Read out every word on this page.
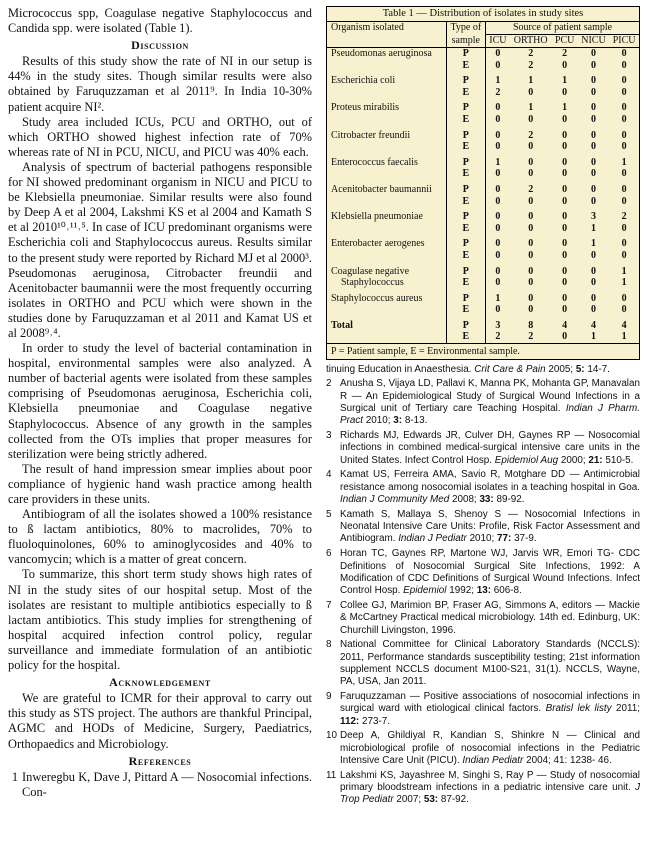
Micrococcus spp, Coagulase negative Staphylococcus and Candida spp. were isolated (Table 1).

Discussion

Results of this study show the rate of NI in our setup is 44% in the study sites. Though similar results were also obtained by Faruquzzaman et al 2011⁹. In India 10-30% patient acquire NI².

Study area included ICUs, PCU and ORTHO, out of which ORTHO showed highest infection rate of 70% whereas rate of NI in PCU, NICU, and PICU was 40% each.

Analysis of spectrum of bacterial pathogens responsible for NI showed predominant organism in NICU and PICU to be Klebsiella pneumoniae. Similar results were also found by Deep A et al 2004, Lakshmi KS et al 2004 and Kamath S et al 2010¹⁰˒¹¹˒⁵. In case of ICU predominant organisms were Escherichia coli and Staphylococcus aureus. Results similar to the present study were reported by Richard MJ et al 2000³. Pseudomonas aeruginosa, Citrobacter freundii and Acenitobacter baumannii were the most frequently occurring isolates in ORTHO and PCU which were shown in the studies done by Faruquzzaman et al 2011 and Kamat US et al 2008⁹˒⁴.

In order to study the level of bacterial contamination in hospital, environmental samples were also analyzed. A number of bacterial agents were isolated from these samples comprising of Pseudomonas aeruginosa, Escherichia coli, Klebsiella pneumoniae and Coagulase negative Staphylococcus. Absence of any growth in the samples collected from the OTs implies that proper measures for sterilization were being strictly adhered.

The result of hand impression smear implies about poor compliance of hygienic hand wash practice among health care providers in these units.

Antibiogram of all the isolates showed a 100% resistance to ß lactam antibiotics, 80% to macrolides, 70% to fluoloquinolones, 60% to aminoglycosides and 40% to vancomycin; which is a matter of great concern.

To summarize, this short term study shows high rates of NI in the study sites of our hospital setup. Most of the isolates are resistant to multiple antibiotics especially to ß lactam antibiotics. This study implies for strengthening of hospital acquired infection control policy, regular surveillance and immediate formulation of an antibiotic policy for the hospital.

Acknowledgement

We are grateful to ICMR for their approval to carry out this study as STS project. The authors are thankful Principal, AGMC and HODs of Medicine, Surgery, Paediatrics, Orthopaedics and Microbiology.

References
1 Inweregbu K, Dave J, Pittard A — Nosocomial infections. Con-
Table 1 — Distribution of isolates in study sites
Organism isolated	Type of	Source of patient sample				
	sample	ICU	ORTHO	PCU	NICU	PICU
Pseudomonas aeruginosa	P	0	2	2	0	0
	E	0	2	0	0	0
Escherichia coli	P	1	1	1	0	0
	E	2	0	0	0	0
Proteus mirabilis	P	0	1	1	0	0
	E	0	0	0	0	0
Citrobacter freundii	P	0	2	0	0	0
	E	0	0	0	0	0
Enterococcus faecalis	P	1	0	0	0	1
	E	0	0	0	0	0
Acenitobacter baumannii	P	0	2	0	0	0
	E	0	0	0	0	0
Klebsiella pneumoniae	P	0	0	0	3	2
	E	0	0	0	1	0
Enterobacter aerogenes	P	0	0	0	1	0
	E	0	0	0	0	0
Coagulase negative	P	0	0	0	0	1
Staphylococcus	E	0	0	0	0	1
Staphylococcus aureus	P	1	0	0	0	0
	E	0	0	0	0	0
Total	P	3	8	4	4	4
	E	2	2	0	1	1
P = Patient sample, E = Environmental sample.
tinuing Education in Anaesthesia. Crit Care & Pain 2005; 5: 14-7.
2 Anusha S, Vijaya LD, Pallavi K, Manna PK, Mohanta GP, Manavalan R — An Epidemiological Study of Surgical Wound Infections in a Surgical unit of Tertiary care Teaching Hospital. Indian J Pharm. Pract 2010; 3: 8-13.
3 Richards MJ, Edwards JR, Culver DH, Gaynes RP — Nosocomial infections in combined medical-surgical intensive care units in the United States. Infect Control Hosp. Epidemiol Aug 2000; 21: 510-5.
4 Kamat US, Ferreira AMA, Savio R, Motghare DD — Antimicrobial resistance among nosocomial isolates in a teaching hospital in Goa. Indian J Community Med 2008; 33: 89-92.
5 Kamath S, Mallaya S, Shenoy S — Nosocomial Infections in Neonatal Intensive Care Units: Profile, Risk Factor Assessment and Antibiogram. Indian J Pediatr 2010; 77: 37-9.
6 Horan TC, Gaynes RP, Martone WJ, Jarvis WR, Emori TG- CDC Definitions of Nosocomial Surgical Site Infections, 1992: A Modification of CDC Definitions of Surgical Wound Infections. Infect Control Hosp. Epidemiol 1992; 13: 606-8.
7 Collee GJ, Marimion BP, Fraser AG, Simmons A, editors — Mackie & McCartney Practical medical microbiology. 14th ed. Edinburg, UK: Churchill Livingston, 1996.
8 National Committee for Clinical Laboratory Standards (NCCLS): 2011, Performance standards susceptibility testing; 21st information supplement NCCLS document M100-S21, 31(1). NCCLS, Wayne, PA, USA, Jan 2011.
9 Faruquzzaman — Positive associations of nosocomial infections in surgical ward with etiological clinical factors. Bratisl lek listy 2011; 112: 273-7.
10 Deep A, Ghildiyal R, Kandian S, Shinkre N — Clinical and microbiological profile of nosocomial infections in the Pediatric Intensive Care Unit (PICU). Indian Pediatr 2004; 41: 1238- 46.
11 Lakshmi KS, Jayashree M, Singhi S, Ray P — Study of nosocomial primary bloodstream infections in a pediatric intensive care unit. J Trop Pediatr 2007; 53: 87-92.
